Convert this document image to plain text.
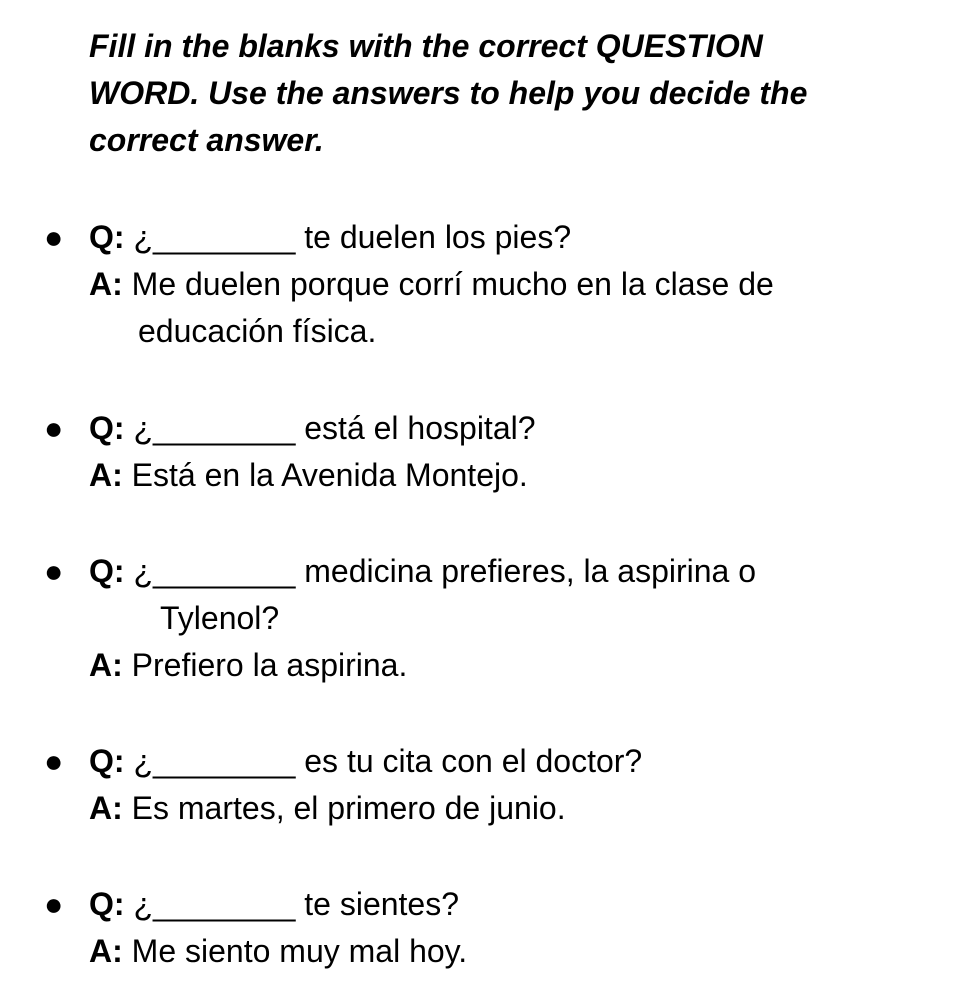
Fill in the blanks with the correct QUESTION
WORD. Use the answers to help you decide the
correct answer.
● Q: ¿________ te duelen los pies?
A: Me duelen porque corrí mucho en la clase de
educación física.
● Q: ¿________ está el hospital?
A: Está en la Avenida Montejo.
● Q: ¿________ medicina prefieres, la aspirina o
Tylenol?
A: Prefiero la aspirina.
● Q: ¿________ es tu cita con el doctor?
A: Es martes, el primero de junio.
● Q: ¿________ te sientes?
A: Me siento muy mal hoy.
